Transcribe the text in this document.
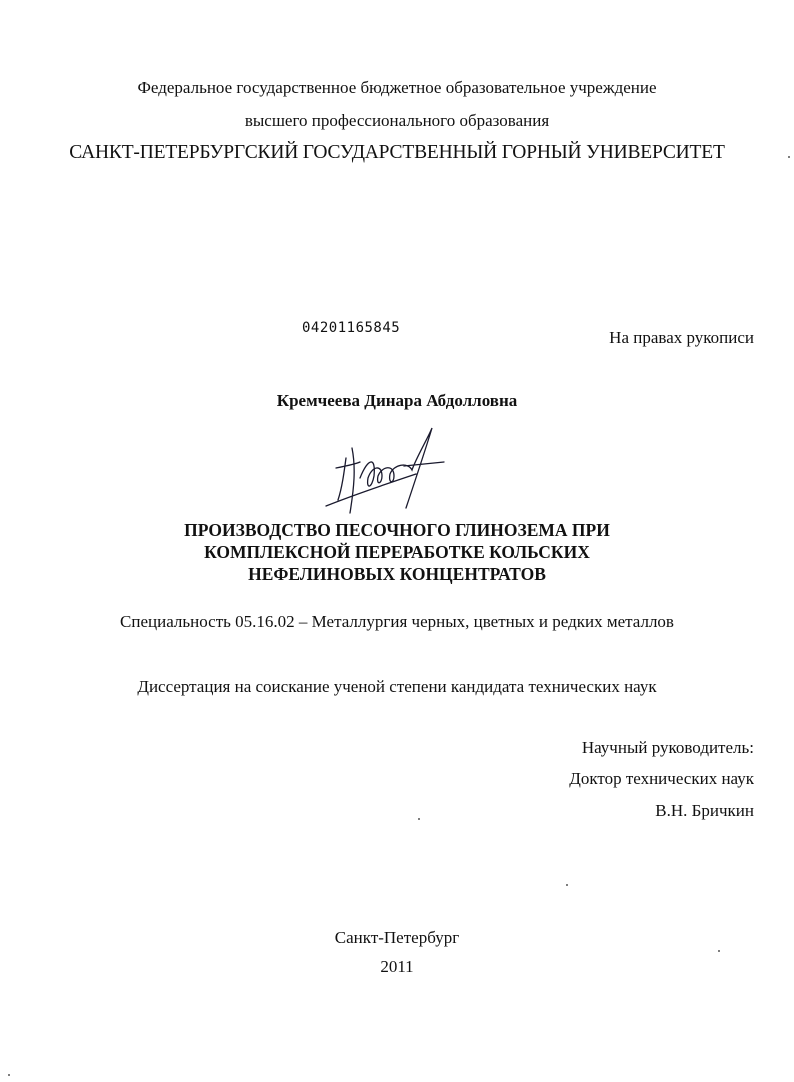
Федеральное государственное бюджетное образовательное учреждение
высшего профессионального образования
САНКТ-ПЕТЕРБУРГСКИЙ ГОСУДАРСТВЕННЫЙ ГОРНЫЙ УНИВЕРСИТЕТ
04201165845	На правах рукописи
Кремчеева Динара Абдолловна
ПРОИЗВОДСТВО ПЕСОЧНОГО ГЛИНОЗЕМА ПРИ
КОМПЛЕКСНОЙ ПЕРЕРАБОТКЕ КОЛЬСКИХ
НЕФЕЛИНОВЫХ КОНЦЕНТРАТОВ
Специальность 05.16.02 – Металлургия черных, цветных и редких металлов
Диссертация на соискание ученой степени кандидата технических наук
Научный руководитель:
Доктор технических наук
В.Н. Бричкин
Санкт-Петербург
2011
